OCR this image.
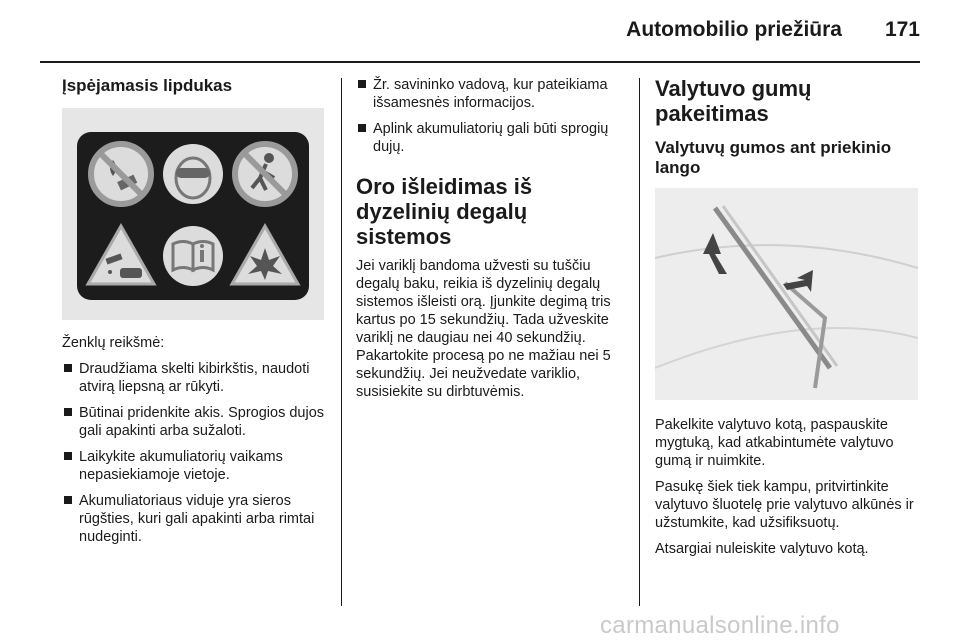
Automobilio priežiūra 171
Įspėjamasis lipdukas

Ženklų reikšmė:

Draudžiama skelti kibirkštis, naudoti atvirą liepsną ar rūkyti.
Būtinai pridenkite akis. Sprogios dujos gali apakinti arba sužaloti.
Laikykite akumuliatorių vaikams nepasiekiamoje vietoje.
Akumuliatoriaus viduje yra sieros rūgšties, kuri gali apakinti arba rimtai nudeginti.
Žr. savininko vadovą, kur pateikiama išsamesnės informacijos.
Aplink akumuliatorių gali būti sprogių dujų.
Oro išleidimas iš dyzelinių degalų sistemos

Jei variklį bandoma užvesti su tuščiu degalų baku, reikia iš dyzelinių degalų sistemos išleisti orą. Įjunkite degimą tris kartus po 15 sekundžių. Tada užveskite variklį ne daugiau nei 40 sekundžių. Pakartokite procesą po ne mažiau nei 5 sekundžių. Jei neužvedate variklio, susisiekite su dirbtuvėmis.

Valytuvo gumų pakeitimas
Valytuvų gumos ant priekinio lango

Pakelkite valytuvo kotą, paspauskite mygtuką, kad atkabintumėte valytuvo gumą ir nuimkite.

Pasukę šiek tiek kampu, pritvirtinkite valytuvo šluotelę prie valytuvo alkūnės ir užstumkite, kad užsifiksuotų.

Atsargiai nuleiskite valytuvo kotą.

carmanualsonline.info
